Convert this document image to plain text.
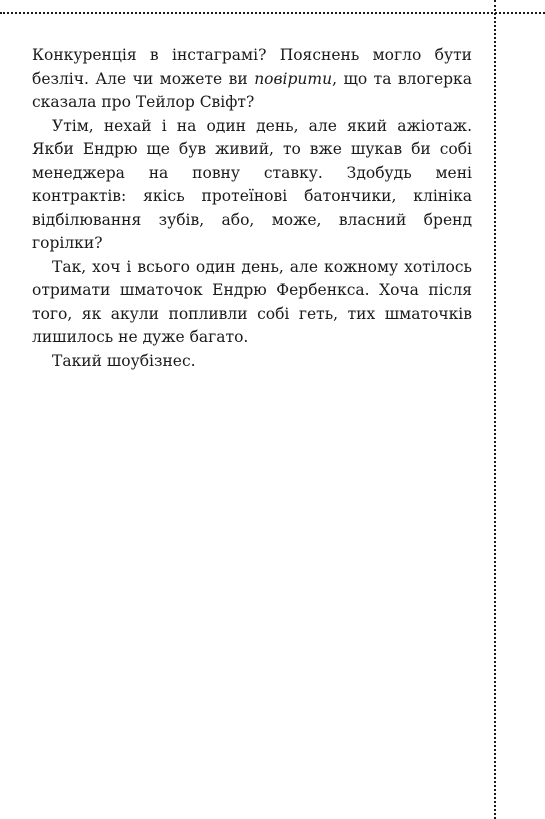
Конкуренція в інстаграмі? Пояснень могло бути безліч. Але чи можете ви повірити, що та влогерка сказала про Тейлор Свіфт?

Утім, нехай і на один день, але який ажіотаж. Якби Ендрю ще був живий, то вже шукав би собі менеджера на повну ставку. Здобудь мені контрактів: якісь протеїнові батончики, клініка відбілювання зубів, або, може, власний бренд горілки?

Так, хоч і всього один день, але кожному хотілось отримати шматочок Ендрю Фербенкса. Хоча після того, як акули попливли собі геть, тих шматочків лишилось не дуже багато.

Такий шоубізнес.
